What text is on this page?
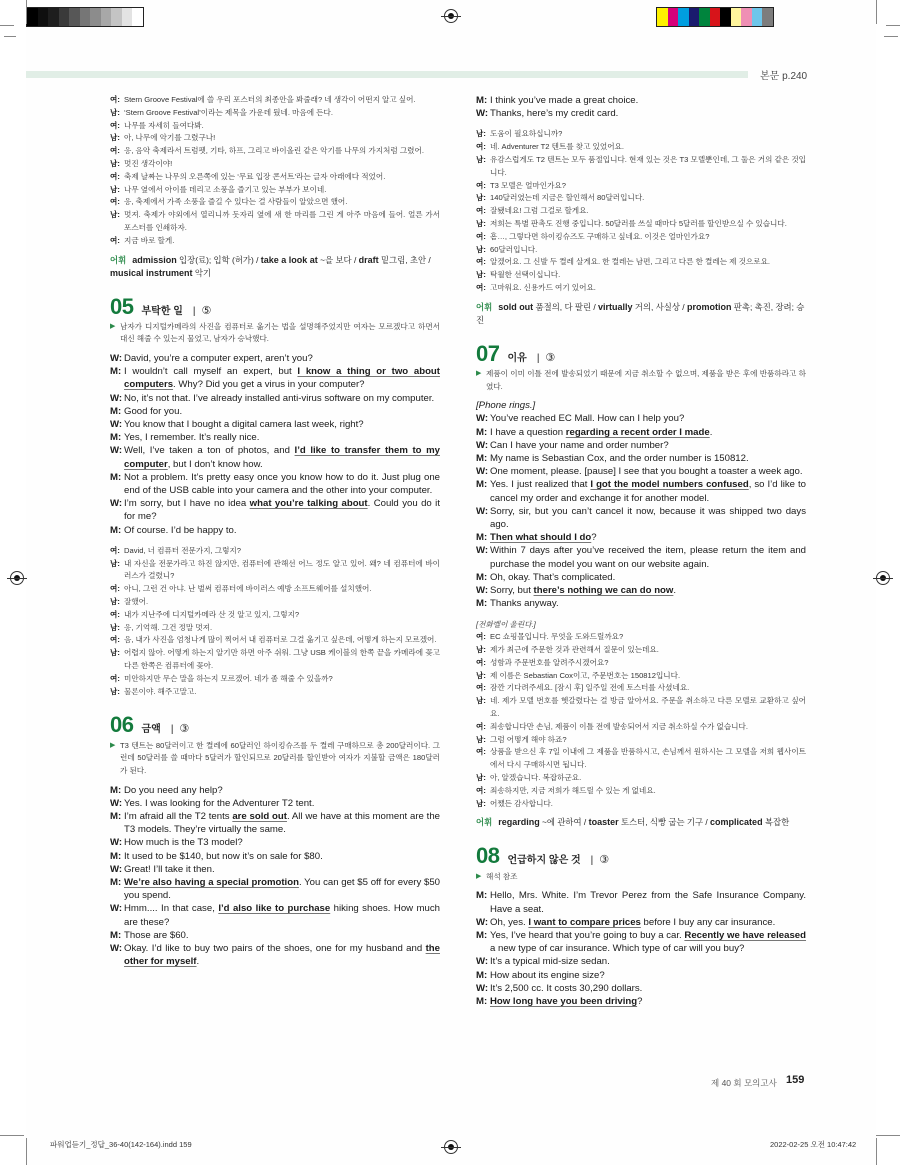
본문 p.240
여: Stern Groove Festival에 쓸 우리 포스터의 최종안을 봐줄래? 네 생각이 어떤지 알고 싶어.
남: ‘Stern Groove Festival’이라는 제목을 가운데 뒀네. 마음에 든다.
여: 나무를 자세히 들여다봐.
남: 아, 나무에 악기를 그렸구나!
여: 응, 음악 축제라서 트럼펫, 기타, 하프, 그리고 바이올린 같은 악기를 나무의 가지처럼 그렸어.
남: 멋진 생각이야!
여: 축제 날짜는 나무의 오른쪽에 있는 ‘무료 입장 콘서트’라는 글자 아래에다 적었어.
남: 나무 옆에서 아이를 데리고 소풍을 즐기고 있는 부부가 보이네.
여: 응, 축제에서 가족 소풍을 즐길 수 있다는 걸 사람들이 알았으면 했어.
남: 멋져. 축제가 야외에서 열리니까 돗자리 옆에 새 한 마리를 그린 게 아주 마음에 들어. 얼른 가서 포스터를 인쇄하자.
여: 지금 바로 할게.
어휘 admission 입장(료); 입학 (허가) / take a look at ~을 보다 / draft 밑그림, 초안 / musical instrument 악기
05 부탁한 일 | ⑤
▶ 남자가 디지털카메라의 사진을 컴퓨터로 옮기는 법을 설명해주었지만 여자는 모르겠다고 하면서 대신 해줄 수 있는지 물었고, 남자가 승낙했다.
W: David, you’re a computer expert, aren’t you?
M: I wouldn’t call myself an expert, but I know a thing or two about computers. Why? Did you get a virus in your computer?
W: No, it’s not that. I’ve already installed anti-virus software on my computer.
M: Good for you.
W: You know that I bought a digital camera last week, right?
M: Yes, I remember. It’s really nice.
W: Well, I’ve taken a ton of photos, and I’d like to transfer them to my computer, but I don’t know how.
M: Not a problem. It’s pretty easy once you know how to do it. Just plug one end of the USB cable into your camera and the other into your computer.
W: I’m sorry, but I have no idea what you’re talking about. Could you do it for me?
M: Of course. I’d be happy to.
여: David, 너 컴퓨터 전문가지, 그렇지?
남: 내 자신을 전문가라고 하진 않지만, 컴퓨터에 관해선 어느 정도 알고 있어. 왜? 네 컴퓨터에 바이러스가 걸렸니?
여: 아니, 그런 건 아냐. 난 벌써 컴퓨터에 바이러스 예방 소프트웨어를 설치했어.
남: 잘했어.
여: 내가 지난주에 디지털카메라 산 것 알고 있지, 그렇지?
남: 응, 기억해. 그건 정말 멋져.
여: 음, 내가 사진을 엄청나게 많이 찍어서 내 컴퓨터로 그걸 옮기고 싶은데, 어떻게 하는지 모르겠어.
남: 어렵지 않아. 어떻게 하는지 알기만 하면 아주 쉬워. 그냥 USB 케이블의 한쪽 끝을 카메라에 꽂고 다른 한쪽은 컴퓨터에 꽂아.
여: 미안하지만 무슨 말을 하는지 모르겠어. 네가 좀 해줄 수 있을까?
남: 물론이야. 해주고말고.
06 금액 | ③
▶ T3 텐트는 80달러이고 한 켤레에 60달러인 하이킹슈즈를 두 켤레 구매하므로 총 200달러이다. 그런데 50달러를 쓸 때마다 5달러가 할인되므로 20달러를 할인받아 여자가 지불할 금액은 180달러가 된다.
M: Do you need any help?
W: Yes. I was looking for the Adventurer T2 tent.
M: I’m afraid all the T2 tents are sold out. All we have at this moment are the T3 models. They’re virtually the same.
W: How much is the T3 model?
M: It used to be $140, but now it’s on sale for $80.
W: Great! I’ll take it then.
M: We’re also having a special promotion. You can get $5 off for every $50 you spend.
W: Hmm.... In that case, I’d also like to purchase hiking shoes. How much are these?
M: Those are $60.
W: Okay. I’d like to buy two pairs of the shoes, one for my husband and the other for myself.
M: I think you’ve made a great choice.
W: Thanks, here’s my credit card.
남: 도움이 필요하십니까?
여: 네. Adventurer T2 텐트를 찾고 있었어요.
남: 유감스럽게도 T2 텐트는 모두 품절입니다. 현재 있는 것은 T3 모델뿐인데, 그 둘은 거의 같은 것입니다.
여: T3 모델은 얼마인가요?
남: 140달러였는데 지금은 할인해서 80달러입니다.
여: 잘됐네요! 그럼 그걸로 할게요.
남: 저희는 특별 판촉도 진행 중입니다. 50달러를 쓰실 때마다 5달러를 할인받으실 수 있습니다.
여: 흠…, 그렇다면 하이킹슈즈도 구매하고 싶네요. 이것은 얼마인가요?
남: 60달러입니다.
여: 알겠어요. 그 신발 두 켤레 살게요. 한 켤레는 남편, 그리고 다른 한 켤레는 제 것으로요.
남: 탁월한 선택이십니다.
여: 고마워요. 신용카드 여기 있어요.
어휘 sold out 품절의, 다 팔린 / virtually 거의, 사실상 / promotion 판촉; 촉진, 장려; 승진
07 이유 | ③
▶ 제품이 이미 이틀 전에 발송되었기 때문에 지금 취소할 수 없으며, 제품을 받은 후에 반품하라고 하였다.
[Phone rings.]
W: You’ve reached EC Mall. How can I help you?
M: I have a question regarding a recent order I made.
W: Can I have your name and order number?
M: My name is Sebastian Cox, and the order number is 150812.
W: One moment, please. [pause] I see that you bought a toaster a week ago.
M: Yes. I just realized that I got the model numbers confused, so I’d like to cancel my order and exchange it for another model.
W: Sorry, sir, but you can’t cancel it now, because it was shipped two days ago.
M: Then what should I do?
W: Within 7 days after you’ve received the item, please return the item and purchase the model you want on our website again.
M: Oh, okay. That’s complicated.
W: Sorry, but there’s nothing we can do now.
M: Thanks anyway.
[전화벨이 울린다.]
여: EC 쇼핑몰입니다. 무엇을 도와드릴까요?
남: 제가 최근에 주문한 것과 관련해서 질문이 있는데요.
여: 성함과 주문번호를 알려주시겠어요?
남: 제 이름은 Sebastian Cox이고, 주문번호는 150812입니다.
여: 잠깐 기다려주세요. [잠시 후] 일주일 전에 토스터를 사셨네요.
남: 네. 제가 모델 번호를 헷갈렸다는 걸 방금 알아서요. 주문을 취소하고 다른 모델로 교환하고 싶어요.
여: 죄송합니다만 손님, 제품이 이틀 전에 발송되어서 지금 취소하실 수가 없습니다.
남: 그럼 어떻게 해야 하죠?
여: 상품을 받으신 후 7일 이내에 그 제품을 반품하시고, 손님께서 원하시는 그 모델을 저희 웹사이트에서 다시 구매하시면 됩니다.
남: 아, 알겠습니다. 복잡하군요.
여: 죄송하지만, 지금 저희가 해드릴 수 있는 게 없네요.
남: 어쨌든 감사합니다.
어휘 regarding ~에 관하여 / toaster 토스터, 식빵 굽는 기구 / complicated 복잡한
08 언급하지 않은 것 | ③
▶ 해석 참조
M: Hello, Mrs. White. I’m Trevor Perez from the Safe Insurance Company. Have a seat.
W: Oh, yes. I want to compare prices before I buy any car insurance.
M: Yes, I’ve heard that you’re going to buy a car. Recently we have released a new type of car insurance. Which type of car will you buy?
W: It’s a typical mid-size sedan.
M: How about its engine size?
W: It’s 2,500 cc. It costs 30,290 dollars.
M: How long have you been driving?
제 40 회 모의고사 159
파워업듣기_정답_36-40(142-164).indd 159	2022-02-25 오전 10:47:42
